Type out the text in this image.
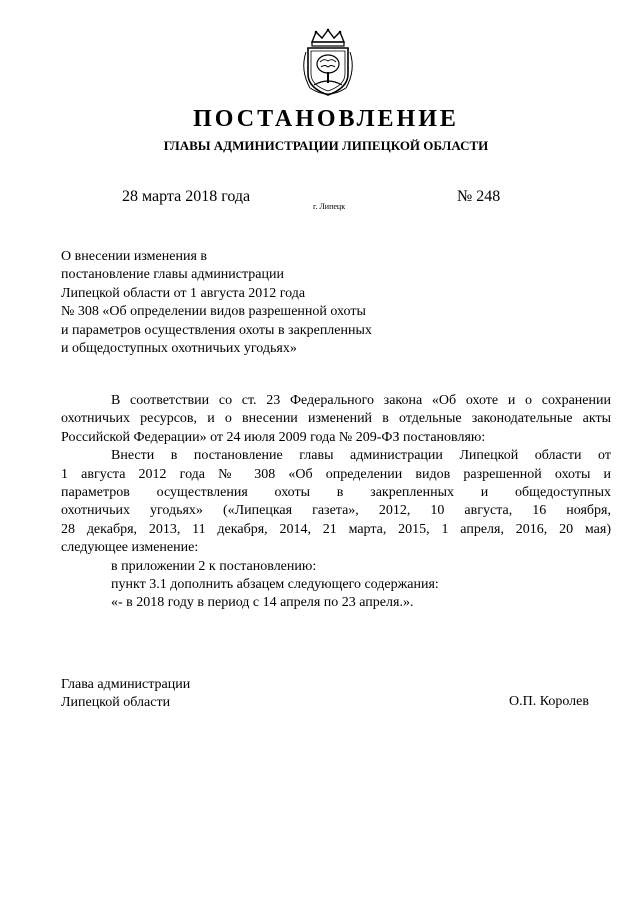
ПОСТАНОВЛЕНИЕ
ГЛАВЫ АДМИНИСТРАЦИИ ЛИПЕЦКОЙ ОБЛАСТИ
28 марта 2018 года
г. Липецк
№ 248
О внесении изменения в
постановление главы администрации
Липецкой области от 1 августа 2012 года
№ 308 «Об определении видов разрешенной охоты
и параметров осуществления охоты в закрепленных
и общедоступных охотничьих угодьях»
В соответствии со ст. 23 Федерального закона «Об охоте и о сохранении
охотничьих ресурсов, и о внесении изменений в отдельные законодательные акты
Российской Федерации» от 24 июля 2009 года № 209-ФЗ постановляю:
Внести в постановление главы администрации Липецкой области от
1 августа 2012 года № 308 «Об определении видов разрешенной охоты и
параметров осуществления охоты в закрепленных и общедоступных
охотничьих угодьях» («Липецкая газета», 2012, 10 августа, 16 ноября,
28 декабря, 2013, 11 декабря, 2014, 21 марта, 2015, 1 апреля, 2016, 20 мая)
следующее изменение:
в приложении 2 к постановлению:
пункт 3.1 дополнить абзацем следующего содержания:
«- в 2018 году в период с 14 апреля по 23 апреля.».
Глава администрации
Липецкой области	О.П. Королев
